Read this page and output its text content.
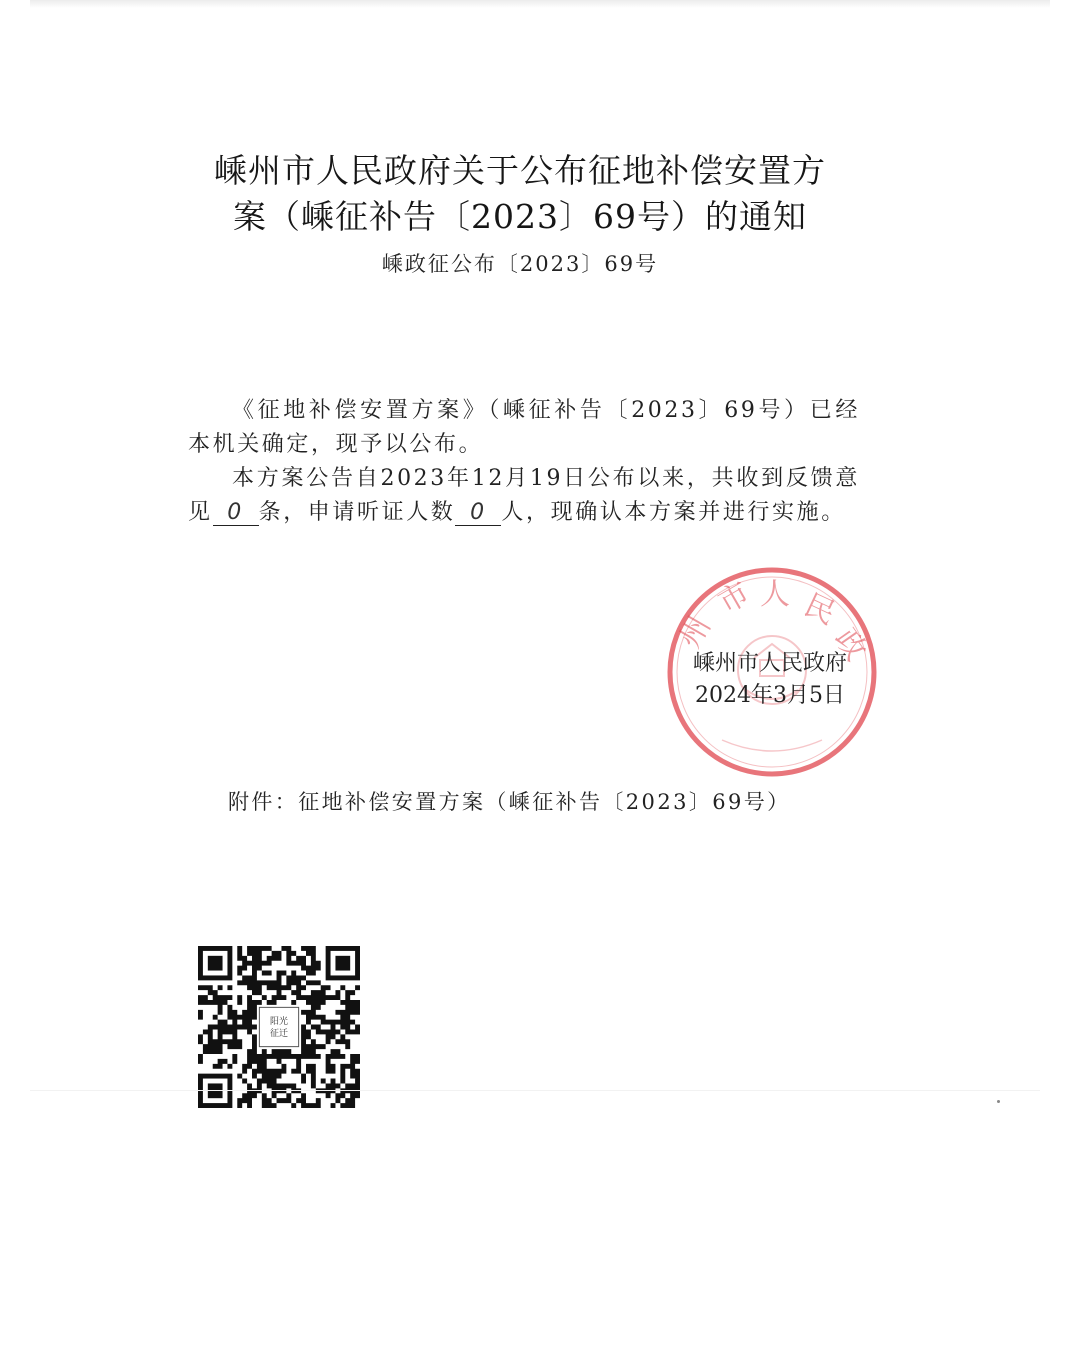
嵊州市人民政府关于公布征地补偿安置方
案（嵊征补告〔2023〕69号）的通知
嵊政征公布〔2023〕69号

《征地补偿安置方案》（嵊征补告〔2023〕69号）已经本机关确定，现予以公布。

本方案公告自2023年12月19日公布以来，共收到反馈意见 0 条，申请听证人数 0 人，现确认本方案并进行实施。

州
市 人 民
政
嵊州市人民政府
2024年3月5日
附件：征地补偿安置方案（嵊征补告〔2023〕69号）
阳光
征迁
